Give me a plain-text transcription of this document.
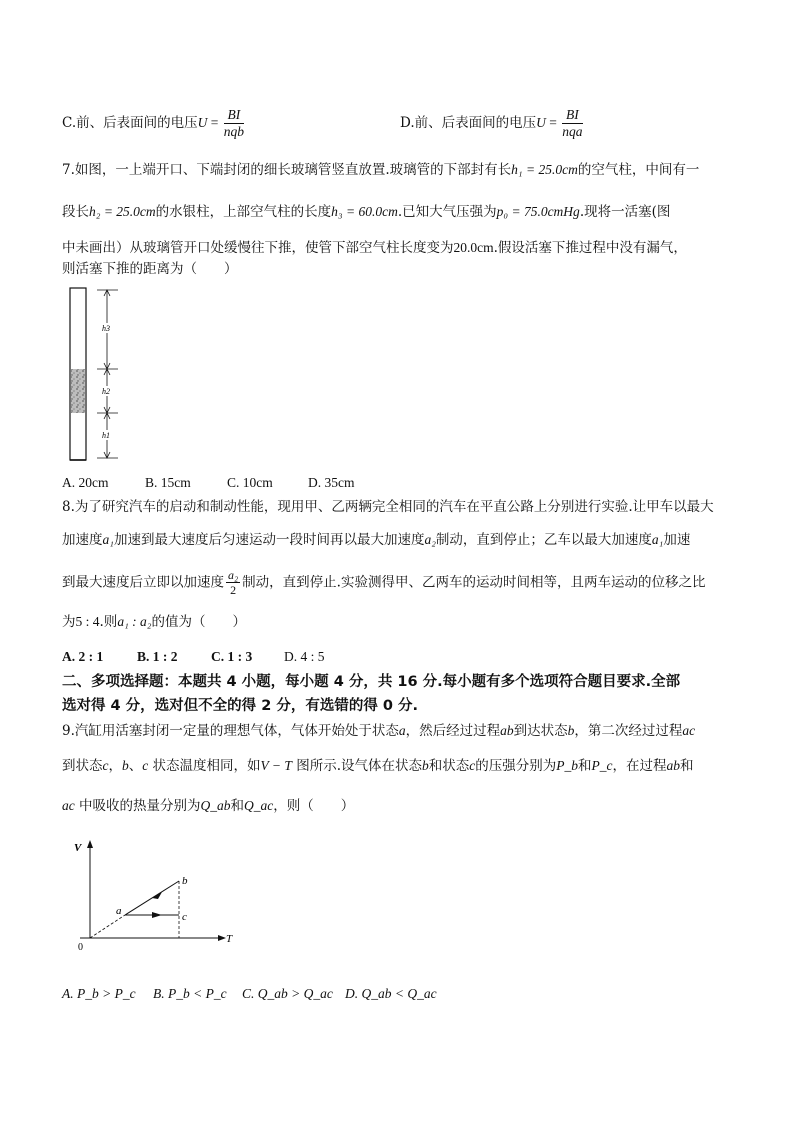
C.前、后表面间的电压$U = \frac{BI}{\text{nqb}}$	D.前、后表面间的电压$U = \frac{BI}{\text{nqa}}$
7.如图，一上端开口、下端封闭的细长玻璃管竖直放置.玻璃管的下部封有长h₁ = 25.0cm的空气柱，中间有一
段长h₂ = 25.0cm的水银柱，上部空气柱的长度h₃ = 60.0cm.已知大气压强为p₀ = 75.0cmHg.现将一活塞(图
中未画出）从玻璃管开口处缓慢往下推，使管下部空气柱长度变为20.0cm.假设活塞下推过程中没有漏气，
则活塞下推的距离为（　　）
h3
h2
h1
A. 20cm	B. 15cm	C. 10cm	D. 35cm
8.为了研究汽车的启动和制动性能，现用甲、乙两辆完全相同的汽车在平直公路上分别进行实验.让甲车以最大
加速度a₁加速到最大速度后匀速运动一段时间再以最大加速度a₂制动，直到停止；乙车以最大加速度a₁加速
到最大速度后立即以加速度 $\frac{\text{a₂}}{2}$ 制动，直到停止.实验测得甲、乙两车的运动时间相等，且两车运动的位移之比
为5 : 4.则a₁ : a₂的值为（　　）
A. 2 : 1	B. 1 : 2 C. 1 : 3 D. 4 : 5
二、多项选择题：本题共 4 小题，每小题 4 分，共 16 分.每小题有多个选项符合题目要求.全部
选对得 4 分，选对但不全的得 2 分，有选错的得 0 分.
9.汽缸用活塞封闭一定量的理想气体，气体开始处于状态a，然后经过过程ab到达状态b，第二次经过过程ac
到状态c，b、c 状态温度相同，如V − T 图所示.设气体在状态b和状态c的压强分别为P_b和P_c，在过程ab和
ac 中吸收的热量分别为Q_ab和Q_ac，则（　　）
V
T
0
a
b
c
A. P_b > P_c B. P_b < P_c C. Q_ab > Q_ac D. Q_ab < Q_ac
